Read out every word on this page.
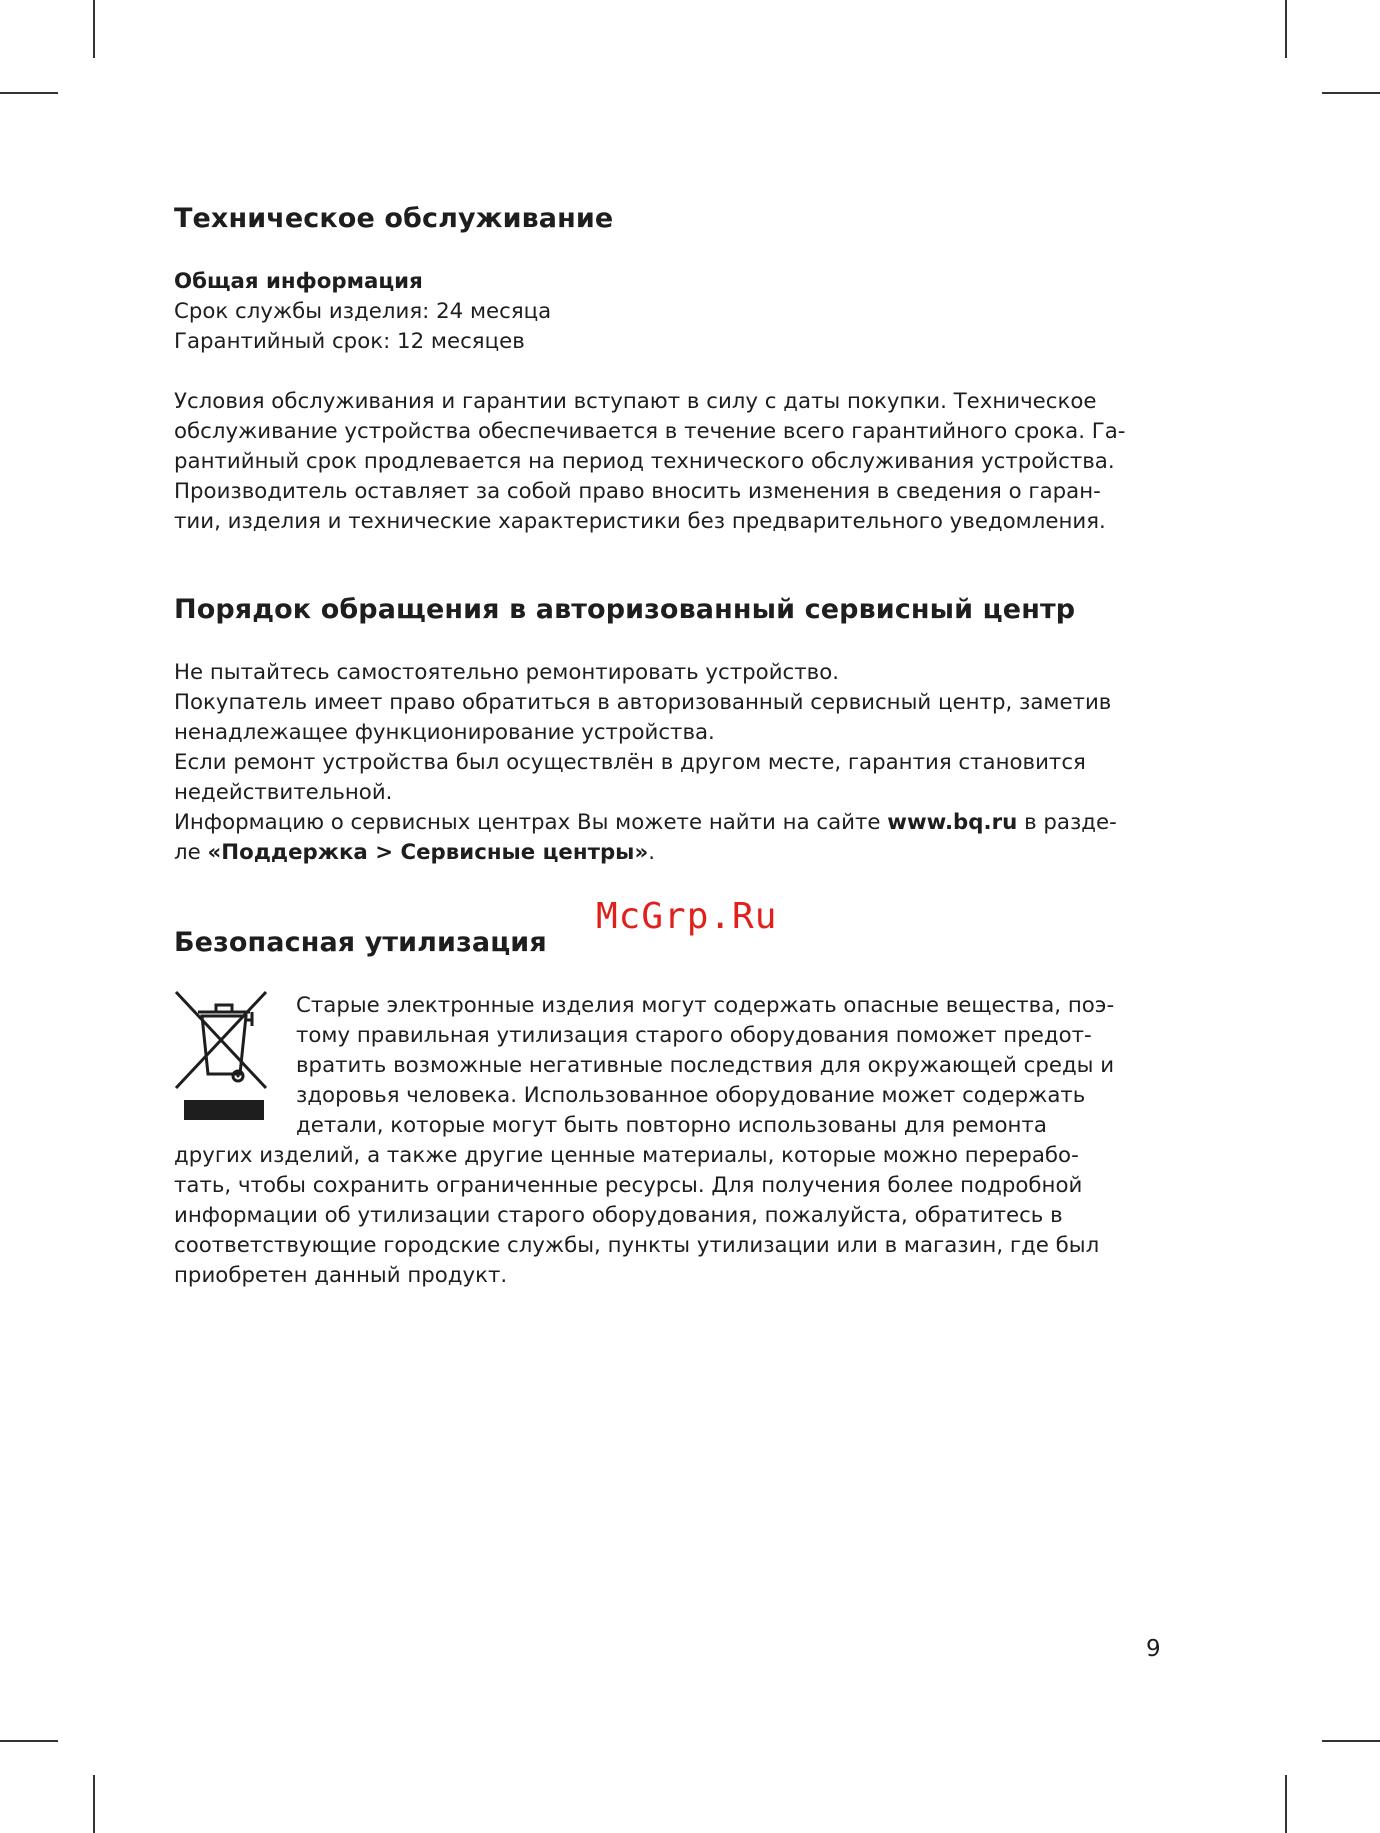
Техническое обслуживание

Общая информация

Срок службы изделия: 24 месяца

Гарантийный срок: 12 месяцев

Условия обслуживания и гарантии вступают в силу с даты покупки. Техническое

обслуживание устройства обеспечивается в течение всего гарантийного срока. Га-

рантийный срок продлевается на период технического обслуживания устройства.

Производитель оставляет за собой право вносить изменения в сведения о гаран-

тии, изделия и технические характеристики без предварительного уведомления.

Порядок обращения в авторизованный сервисный центр

Не пытайтесь самостоятельно ремонтировать устройство.

Покупатель имеет право обратиться в авторизованный сервисный центр, заметив

ненадлежащее функционирование устройства.

Если ремонт устройства был осуществлён в другом месте, гарантия становится

недействительной.

Информацию о сервисных центрах Вы можете найти на сайте www.bq.ru в разде-

ле «Поддержка > Сервисные центры».

Безопасная утилизация

Старые электронные изделия могут содержать опасные вещества, поэ-

тому правильная утилизация старого оборудования поможет предот-

вратить возможные негативные последствия для окружающей среды и

здоровья человека. Использованное оборудование может содержать

детали, которые могут быть повторно использованы для ремонта

других изделий, а также другие ценные материалы, которые можно перерабо-

тать, чтобы сохранить ограниченные ресурсы. Для получения более подробной

информации об утилизации старого оборудования, пожалуйста, обратитесь в

соответствующие городские службы, пункты утилизации или в магазин, где был

приобретен данный продукт.

McGrp.Ru
9
